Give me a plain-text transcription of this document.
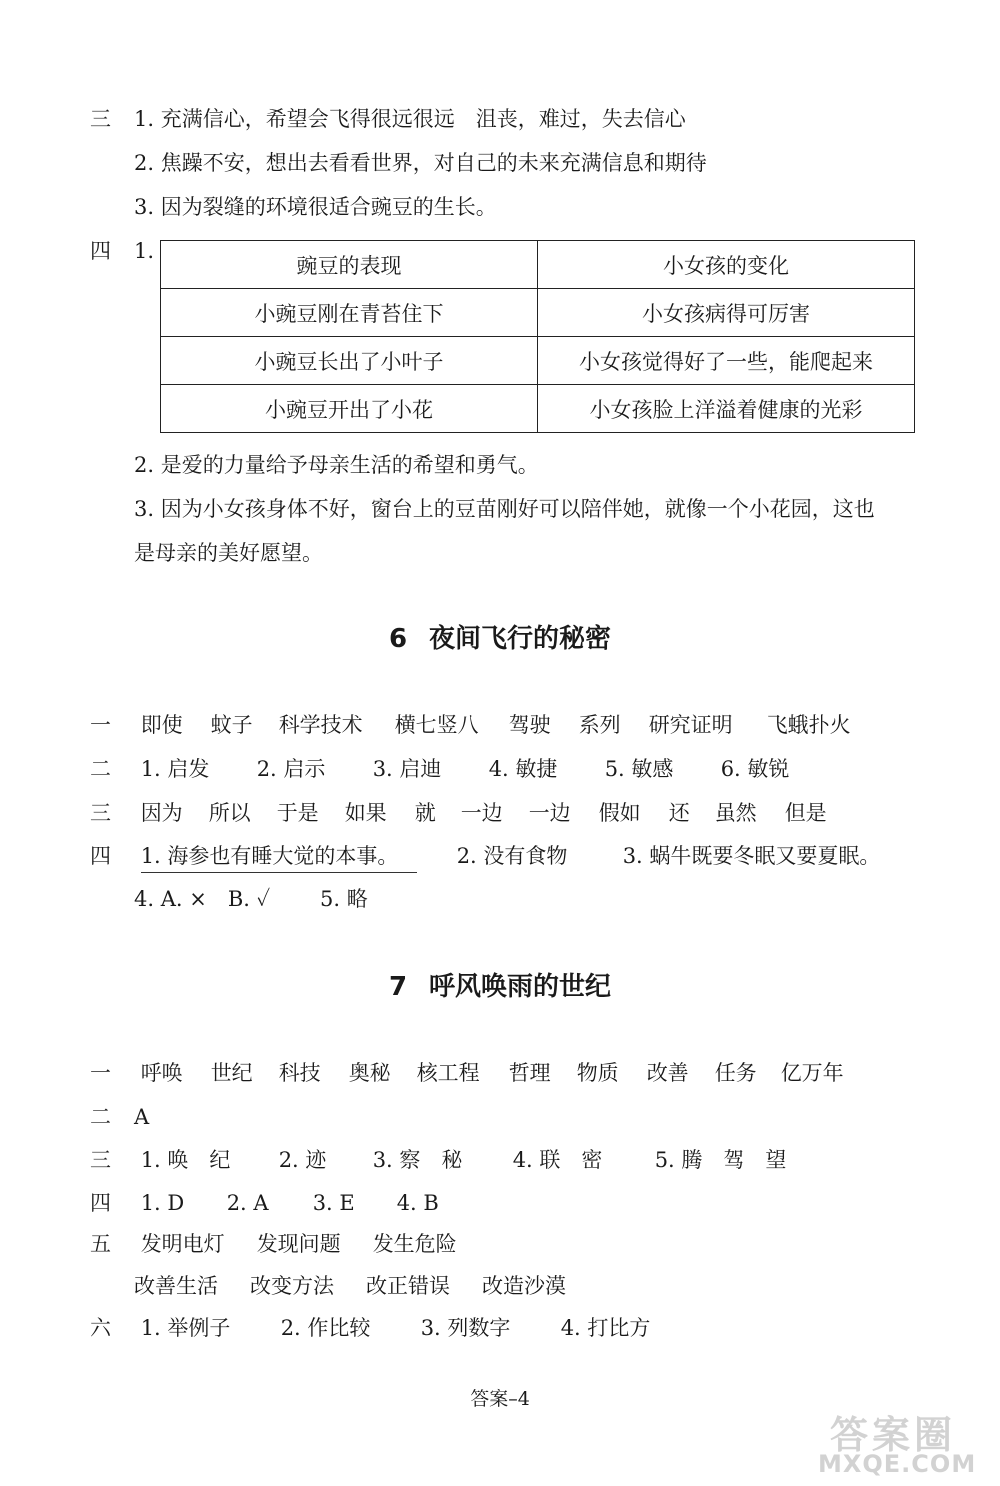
三 1. 充满信心，希望会飞得很远很远　沮丧，难过，失去信心
2. 焦躁不安，想出去看看世界，对自己的未来充满信息和期待
3. 因为裂缝的环境很适合豌豆的生长。
四 1.
豌豆的表现	小女孩的变化
小豌豆刚在青苔住下	小女孩病得可厉害
小豌豆长出了小叶子	小女孩觉得好了一些，能爬起来
小豌豆开出了小花	小女孩脸上洋溢着健康的光彩
2. 是爱的力量给予母亲生活的希望和勇气。
3. 因为小女孩身体不好，窗台上的豆苗刚好可以陪伴她，就像一个小花园，这也
是母亲的美好愿望。
6 夜间飞行的秘密
一 即使 蚊子 科学技术 横七竖八 驾驶 系列 研究证明 飞蛾扑火
二 1. 启发 2. 启示 3. 启迪 4. 敏捷 5. 敏感 6. 敏锐
三 因为 所以 于是 如果 就 一边 一边 假如 还 虽然 但是
四 1. 海参也有睡大觉的本事。	2. 没有食物	3. 蜗牛既要冬眠又要夏眠。
4. A. ×　B. ✓ 5. 略
7 呼风唤雨的世纪
一 呼唤 世纪 科技 奥秘 核工程 哲理 物质 改善 任务 亿万年
二 A
三 1. 唤　纪 2. 迹 3. 察　秘 4. 联　密 5. 腾　驾　望
四 1. D 2. A 3. E 4. B
五 发明电灯 发现问题 发生危险
改善生活 改变方法 改正错误 改造沙漠
六 1. 举例子 2. 作比较 3. 列数字 4. 打比方
答案–4
答案圈
MXQE.COM
